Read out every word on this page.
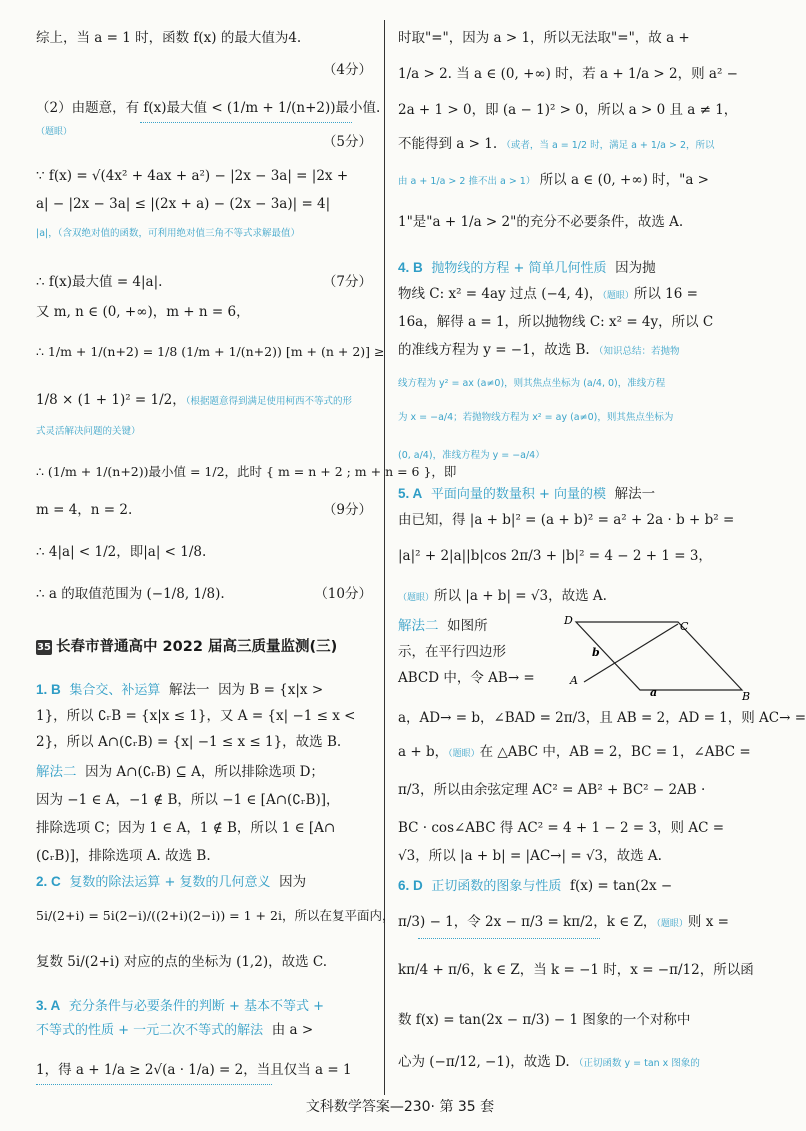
综上，当 a = 1 时，函数 f(x) 的最大值为4.
（4分）
（2）由题意，有 f(x)最大值 < (1/m + 1/(n+2))最小值.
（题眼）
（5分）
∵ f(x) = √(4x² + 4ax + a²) − |2x − 3a| = |2x +
a| − |2x − 3a| ≤ |(2x + a) − (2x − 3a)| = 4|
|a|，（含双绝对值的函数，可利用绝对值三角不等式求解最值）
∴ f(x)最大值 = 4|a|.	（7分）
又 m, n ∈ (0, +∞)，m + n = 6，
∴ 1/m + 1/(n+2) = 1/8 (1/m + 1/(n+2)) [m + (n + 2)] ≥
1/8 × (1 + 1)² = 1/2，（根据题意得到满足使用柯西不等式的形
式灵活解决问题的关键）
∴ (1/m + 1/(n+2))最小值 = 1/2，此时 { m = n + 2 ; m + n = 6 }，即
m = 4，n = 2.	（9分）
∴ 4|a| < 1/2，即|a| < 1/8.
∴ a 的取值范围为 (−1/8, 1/8).	（10分）
35 长春市普通高中 2022 届高三质量监测(三)
1. B 集合交、补运算 解法一 因为 B = {x|x >
1}，所以 ∁ᵣB = {x|x ≤ 1}，又 A = {x| −1 ≤ x <
2}，所以 A∩(∁ᵣB) = {x| −1 ≤ x ≤ 1}，故选 B.
解法二 因为 A∩(∁ᵣB) ⊆ A，所以排除选项 D；
因为 −1 ∈ A，−1 ∉ B，所以 −1 ∈ [A∩(∁ᵣB)]，
排除选项 C；因为 1 ∈ A，1 ∉ B，所以 1 ∈ [A∩
(∁ᵣB)]，排除选项 A. 故选 B.
2. C 复数的除法运算 + 复数的几何意义 因为
5i/(2+i) = 5i(2−i)/((2+i)(2−i)) = 1 + 2i，所以在复平面内，
复数 5i/(2+i) 对应的点的坐标为 (1,2)，故选 C.
3. A 充分条件与必要条件的判断 + 基本不等式 +
不等式的性质 + 一元二次不等式的解法 由 a >
1，得 a + 1/a ≥ 2√(a · 1/a) = 2，当且仅当 a = 1
时取"="，因为 a > 1，所以无法取"="，故 a +
1/a > 2. 当 a ∈ (0, +∞) 时，若 a + 1/a > 2，则 a² −
2a + 1 > 0，即 (a − 1)² > 0，所以 a > 0 且 a ≠ 1，
不能得到 a > 1. （或者，当 a = 1/2 时，满足 a + 1/a > 2，所以
由 a + 1/a > 2 推不出 a > 1） 所以 a ∈ (0, +∞) 时，"a >
1"是"a + 1/a > 2"的充分不必要条件，故选 A.
4. B 抛物线的方程 + 简单几何性质 因为抛
物线 C: x² = 4ay 过点 (−4, 4)，（题眼）所以 16 =
16a，解得 a = 1，所以抛物线 C: x² = 4y，所以 C
的准线方程为 y = −1，故选 B. （知识总结：若抛物
线方程为 y² = ax (a≠0)，则其焦点坐标为 (a/4, 0)，准线方程
为 x = −a/4；若抛物线方程为 x² = ay (a≠0)，则其焦点坐标为
(0, a/4)，准线方程为 y = −a/4）
5. A 平面向量的数量积 + 向量的模 解法一
由已知，得 |a + b|² = (a + b)² = a² + 2a · b + b² =
|a|² + 2|a||b|cos 2π/3 + |b|² = 4 − 2 + 1 = 3，
（题眼）所以 |a + b| = √3，故选 A.
解法二 如图所
示，在平行四边形
ABCD 中，令 AB→ =
D	C
A
B
b
a
a，AD→ = b，∠BAD = 2π/3，且 AB = 2，AD = 1，则 AC→ =
a + b，（题眼）在 △ABC 中，AB = 2，BC = 1，∠ABC =
π/3，所以由余弦定理 AC² = AB² + BC² − 2AB ·
BC · cos∠ABC 得 AC² = 4 + 1 − 2 = 3，则 AC =
√3，所以 |a + b| = |AC→| = √3，故选 A.
6. D 正切函数的图象与性质 f(x) = tan(2x −
π/3) − 1，令 2x − π/3 = kπ/2，k ∈ Z，（题眼）则 x =
kπ/4 + π/6，k ∈ Z，当 k = −1 时，x = −π/12，所以函
数 f(x) = tan(2x − π/3) − 1 图象的一个对称中
心为 (−π/12, −1)，故选 D. （正切函数 y = tan x 图象的
文科数学答案—230· 第 35 套
